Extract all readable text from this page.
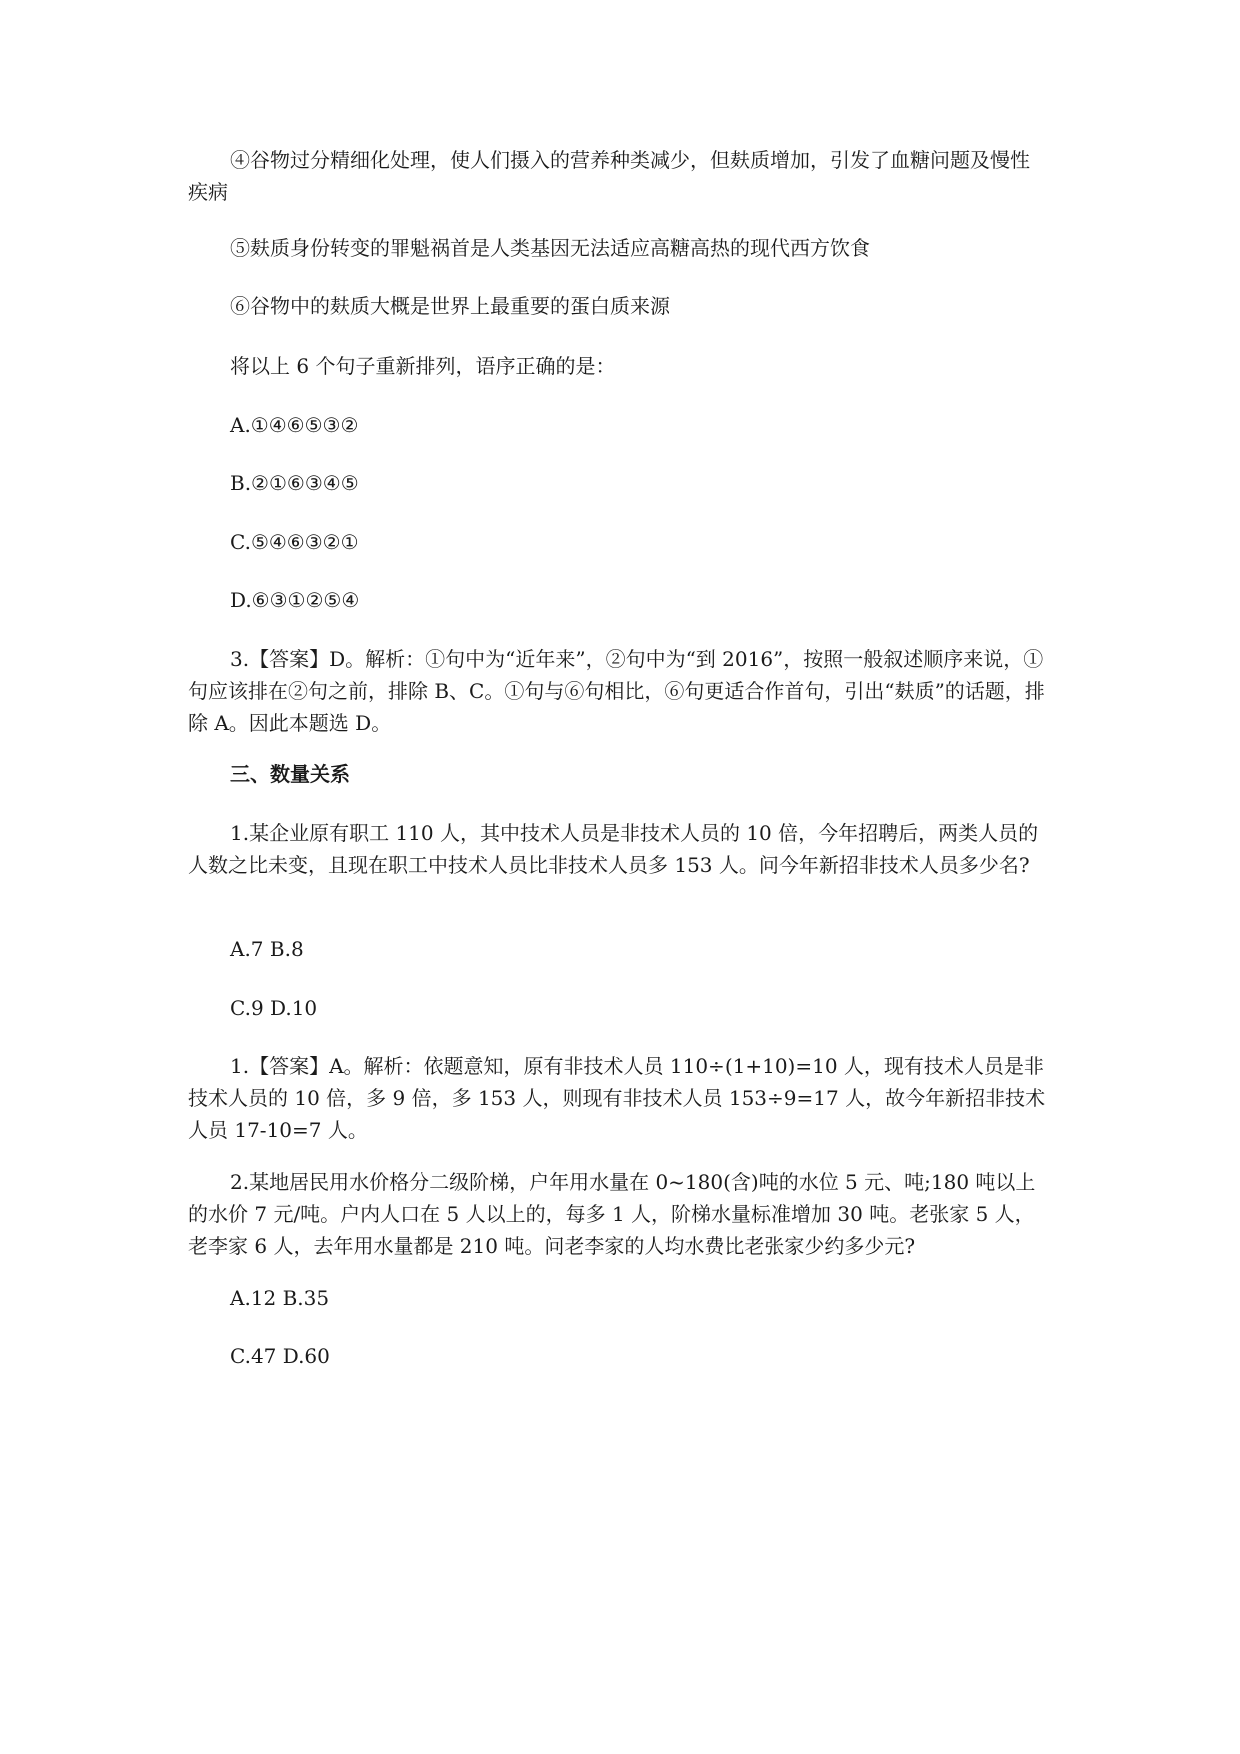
④谷物过分精细化处理，使人们摄入的营养种类减少，但麸质增加，引发了血糖问题及慢性疾病

⑤麸质身份转变的罪魁祸首是人类基因无法适应高糖高热的现代西方饮食

⑥谷物中的麸质大概是世界上最重要的蛋白质来源

将以上 6 个句子重新排列，语序正确的是：

A.①④⑥⑤③②

B.②①⑥③④⑤

C.⑤④⑥③②①

D.⑥③①②⑤④

3.【答案】D。解析：①句中为“近年来”，②句中为“到 2016”，按照一般叙述顺序来说，①句应该排在②句之前，排除 B、C。①句与⑥句相比，⑥句更适合作首句，引出“麸质”的话题，排除 A。因此本题选 D。

三、数量关系

1.某企业原有职工 110 人，其中技术人员是非技术人员的 10 倍，今年招聘后，两类人员的人数之比未变，且现在职工中技术人员比非技术人员多 153 人。问今年新招非技术人员多少名?

A.7 B.8

C.9 D.10

1.【答案】A。解析：依题意知，原有非技术人员 110÷(1+10)=10 人，现有技术人员是非技术人员的 10 倍，多 9 倍，多 153 人，则现有非技术人员 153÷9=17 人，故今年新招非技术人员 17-10=7 人。

2.某地居民用水价格分二级阶梯，户年用水量在 0~180(含)吨的水位 5 元、吨;180 吨以上的水价 7 元/吨。户内人口在 5 人以上的，每多 1 人，阶梯水量标准增加 30 吨。老张家 5 人，老李家 6 人，去年用水量都是 210 吨。问老李家的人均水费比老张家少约多少元?

A.12 B.35

C.47 D.60
